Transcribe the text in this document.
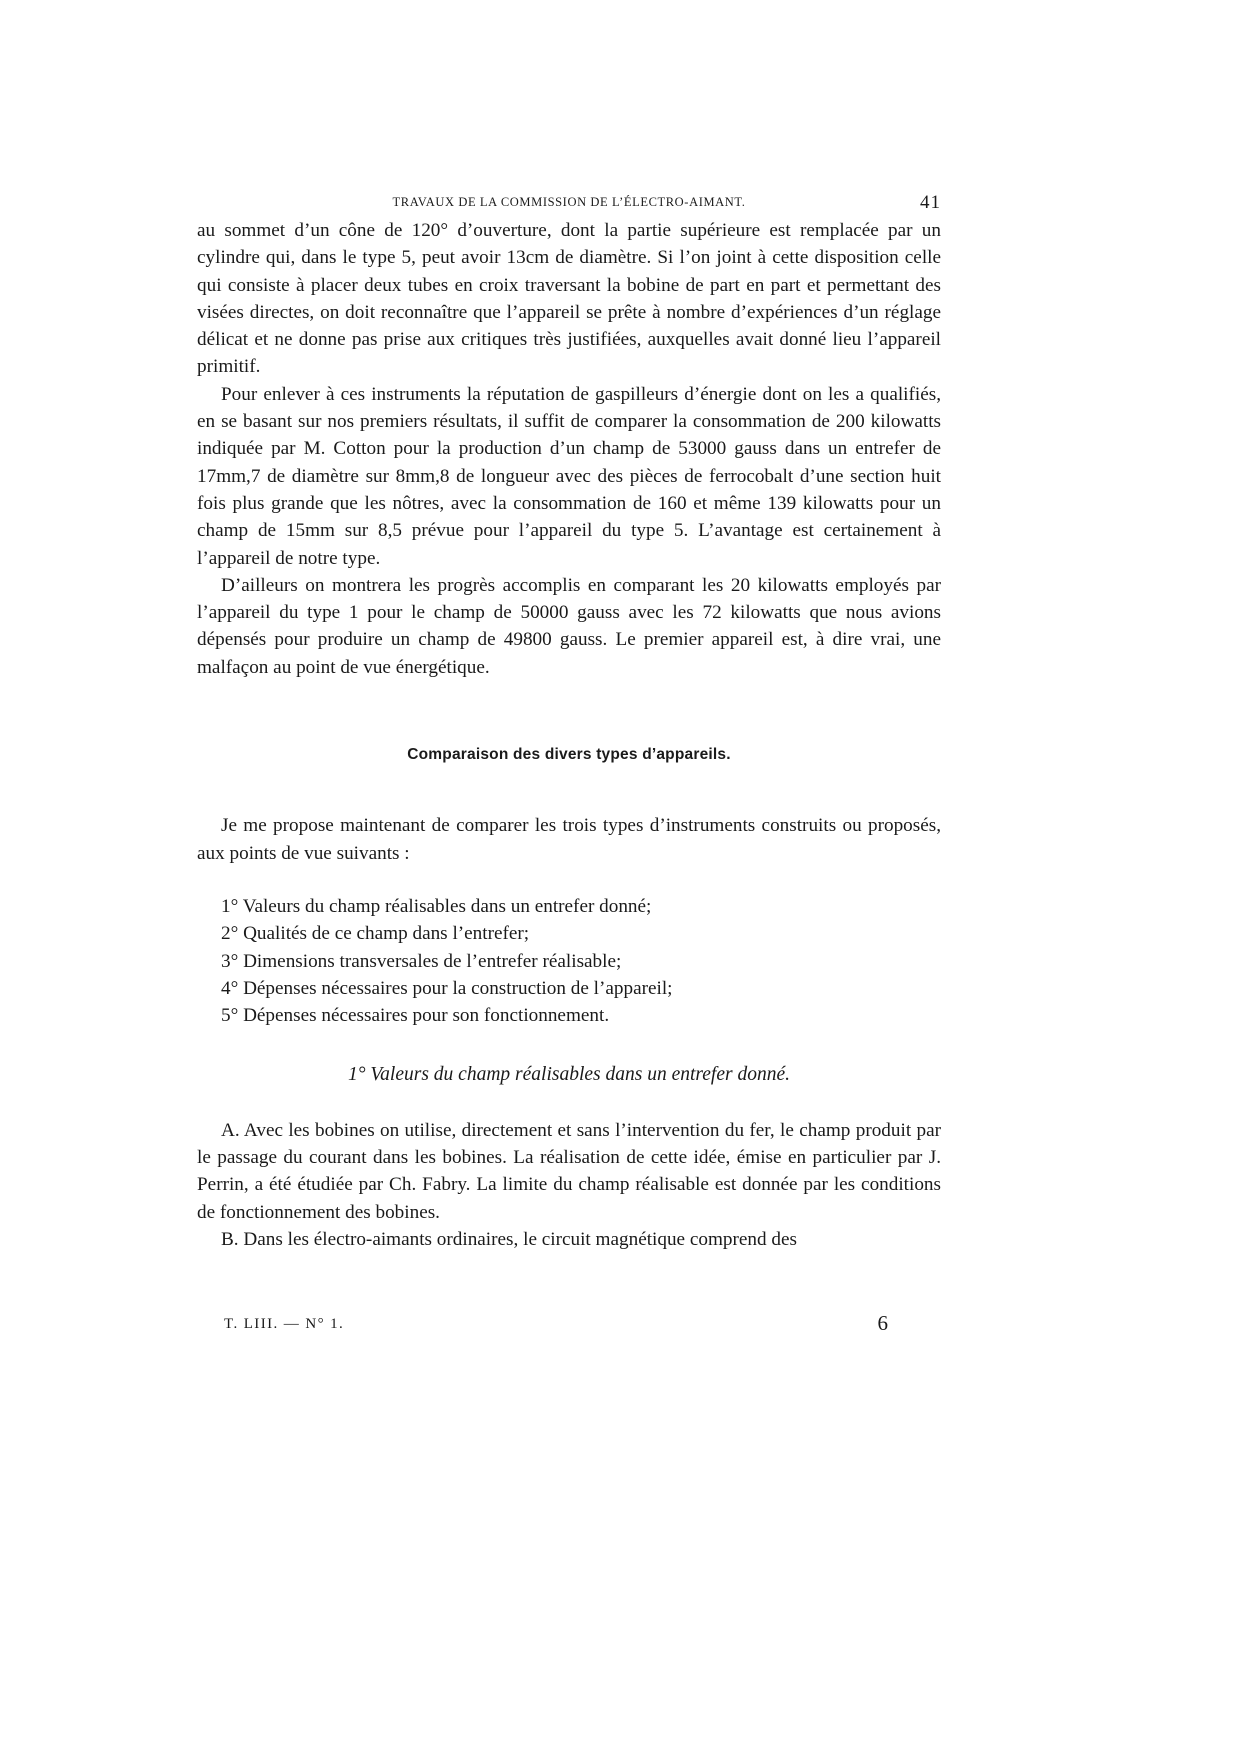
TRAVAUX DE LA COMMISSION DE L’ÉLECTRO-AIMANT.	41

au sommet d’un cône de 120° d’ouverture, dont la partie supérieure est remplacée par un cylindre qui, dans le type 5, peut avoir 13cm de diamètre. Si l’on joint à cette disposition celle qui consiste à placer deux tubes en croix traversant la bobine de part en part et permettant des visées directes, on doit reconnaître que l’appareil se prête à nombre d’expériences d’un réglage délicat et ne donne pas prise aux critiques très justifiées, auxquelles avait donné lieu l’appareil primitif.

Pour enlever à ces instruments la réputation de gaspilleurs d’énergie dont on les a qualifiés, en se basant sur nos premiers résultats, il suffit de comparer la consommation de 200 kilowatts indiquée par M. Cotton pour la production d’un champ de 53000 gauss dans un entrefer de 17mm,7 de diamètre sur 8mm,8 de longueur avec des pièces de ferrocobalt d’une section huit fois plus grande que les nôtres, avec la consommation de 160 et même 139 kilowatts pour un champ de 15mm sur 8,5 prévue pour l’appareil du type 5. L’avantage est certainement à l’appareil de notre type.

D’ailleurs on montrera les progrès accomplis en comparant les 20 kilowatts employés par l’appareil du type 1 pour le champ de 50000 gauss avec les 72 kilowatts que nous avions dépensés pour produire un champ de 49800 gauss. Le premier appareil est, à dire vrai, une malfaçon au point de vue énergétique.

Comparaison des divers types d’appareils.

Je me propose maintenant de comparer les trois types d’instruments construits ou proposés, aux points de vue suivants :

1° Valeurs du champ réalisables dans un entrefer donné;

2° Qualités de ce champ dans l’entrefer;

3° Dimensions transversales de l’entrefer réalisable;

4° Dépenses nécessaires pour la construction de l’appareil;

5° Dépenses nécessaires pour son fonctionnement.

1° Valeurs du champ réalisables dans un entrefer donné.

A. Avec les bobines on utilise, directement et sans l’intervention du fer, le champ produit par le passage du courant dans les bobines. La réalisation de cette idée, émise en particulier par J. Perrin, a été étudiée par Ch. Fabry. La limite du champ réalisable est donnée par les conditions de fonctionnement des bobines.

B. Dans les électro-aimants ordinaires, le circuit magnétique comprend des

T. LIII. — N° 1.	6
